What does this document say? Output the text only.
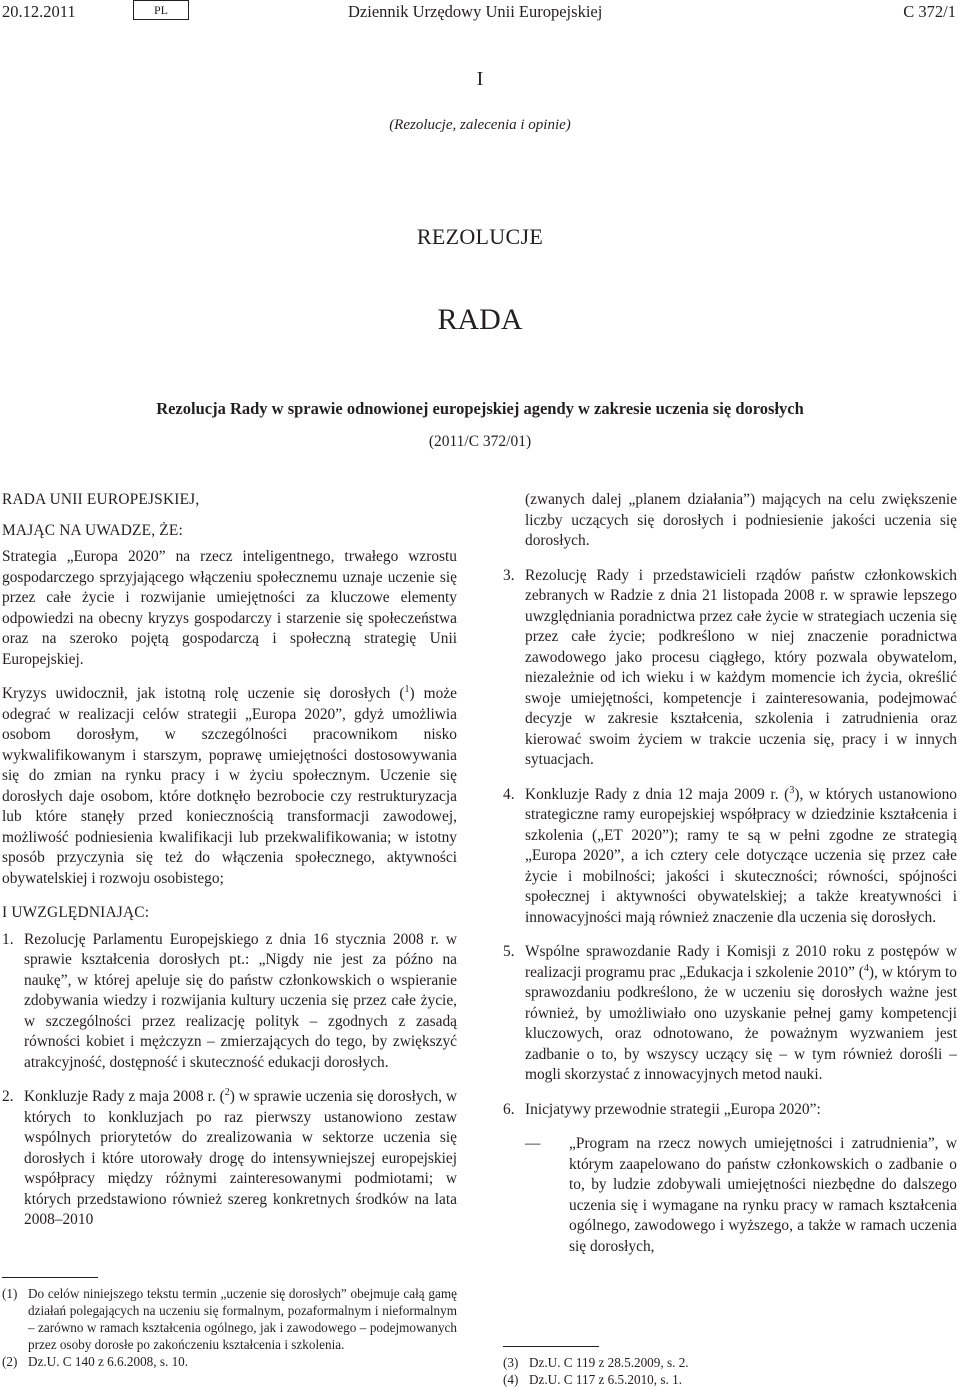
20.12.2011	PL	Dziennik Urzędowy Unii Europejskiej	C 372/1
I
(Rezolucje, zalecenia i opinie)
REZOLUCJE
RADA
Rezolucja Rady w sprawie odnowionej europejskiej agendy w zakresie uczenia się dorosłych
(2011/C 372/01)

RADA UNII EUROPEJSKIEJ,

MAJĄC NA UWADZE, ŻE:

Strategia „Europa 2020” na rzecz inteligentnego, trwałego wzrostu gospodarczego sprzyjającego włączeniu społecznemu uznaje uczenie się przez całe życie i rozwijanie umiejętności za kluczowe elementy odpowiedzi na obecny kryzys gospodarczy i starzenie się społeczeństwa oraz na szeroko pojętą gospodarczą i społeczną strategię Unii Europejskiej.

Kryzys uwidocznił, jak istotną rolę uczenie się dorosłych ($^1$) może odegrać w realizacji celów strategii „Europa 2020”, gdyż umożliwia osobom dorosłym, w szczególności pracownikom nisko wykwalifikowanym i starszym, poprawę umiejętności dostosowywania się do zmian na rynku pracy i w życiu społecznym. Uczenie się dorosłych daje osobom, które dotknęło bezrobocie czy restrukturyzacja lub które stanęły przed koniecznością transformacji zawodowej, możliwość podniesienia kwalifikacji lub przekwalifikowania; w istotny sposób przyczynia się też do włączenia społecznego, aktywności obywatelskiej i rozwoju osobistego;

I UWZGLĘDNIAJĄC:

1. Rezolucję Parlamentu Europejskiego z dnia 16 stycznia 2008 r. w sprawie kształcenia dorosłych pt.: „Nigdy nie jest za późno na naukę”, w której apeluje się do państw członkowskich o wspieranie zdobywania wiedzy i rozwijania kultury uczenia się przez całe życie, w szczególności przez realizację polityk – zgodnych z zasadą równości kobiet i mężczyzn – zmierzających do tego, by zwiększyć atrakcyjność, dostępność i skuteczność edukacji dorosłych.
2. Konkluzje Rady z maja 2008 r. ($^2$) w sprawie uczenia się dorosłych, w których to konkluzjach po raz pierwszy ustanowiono zestaw wspólnych priorytetów do zrealizowania w sektorze uczenia się dorosłych i które utorowały drogę do intensywniejszej europejskiej współpracy między różnymi zainteresowanymi podmiotami; w których przedstawiono również szereg konkretnych środków na lata 2008–2010
(zwanych dalej „planem działania”) mających na celu zwiększenie liczby uczących się dorosłych i podniesienie jakości uczenia się dorosłych.
3. Rezolucję Rady i przedstawicieli rządów państw członkowskich zebranych w Radzie z dnia 21 listopada 2008 r. w sprawie lepszego uwzględniania poradnictwa przez całe życie w strategiach uczenia się przez całe życie; podkreślono w niej znaczenie poradnictwa zawodowego jako procesu ciągłego, który pozwala obywatelom, niezależnie od ich wieku i w każdym momencie ich życia, określić swoje umiejętności, kompetencje i zainteresowania, podejmować decyzje w zakresie kształcenia, szkolenia i zatrudnienia oraz kierować swoim życiem w trakcie uczenia się, pracy i w innych sytuacjach.
4. Konkluzje Rady z dnia 12 maja 2009 r. ($^3$), w których ustanowiono strategiczne ramy europejskiej współpracy w dziedzinie kształcenia i szkolenia („ET 2020”); ramy te są w pełni zgodne ze strategią „Europa 2020”, a ich cztery cele dotyczące uczenia się przez całe życie i mobilności; jakości i skuteczności; równości, spójności społecznej i aktywności obywatelskiej; a także kreatywności i innowacyjności mają również znaczenie dla uczenia się dorosłych.
5. Wspólne sprawozdanie Rady i Komisji z 2010 roku z postępów w realizacji programu prac „Edukacja i szkolenie 2010” ($^4$), w którym to sprawozdaniu podkreślono, że w uczeniu się dorosłych ważne jest również, by umożliwiało ono uzyskanie pełnej gamy kompetencji kluczowych, oraz odnotowano, że poważnym wyzwaniem jest zadbanie o to, by wszyscy uczący się – w tym również dorośli – mogli skorzystać z innowacyjnych metod nauki.
6. Inicjatywy przewodnie strategii „Europa 2020”:
—	„Program na rzecz nowych umiejętności i zatrudnienia”, w którym zaapelowano do państw członkowskich o zadbanie o to, by ludzie zdobywali umiejętności niezbędne do dalszego uczenia się i wymagane na rynku pracy w ramach kształcenia ogólnego, zawodowego i wyższego, a także w ramach uczenia się dorosłych,
(1) Do celów niniejszego tekstu termin „uczenie się dorosłych” obejmuje całą gamę działań polegających na uczeniu się formalnym, pozaformalnym i nieformalnym – zarówno w ramach kształcenia ogólnego, jak i zawodowego – podejmowanych przez osoby dorosłe po zakończeniu kształcenia i szkolenia.
(2) Dz.U. C 140 z 6.6.2008, s. 10.	(3) Dz.U. C 119 z 28.5.2009, s. 2.
(4) Dz.U. C 117 z 6.5.2010, s. 1.
